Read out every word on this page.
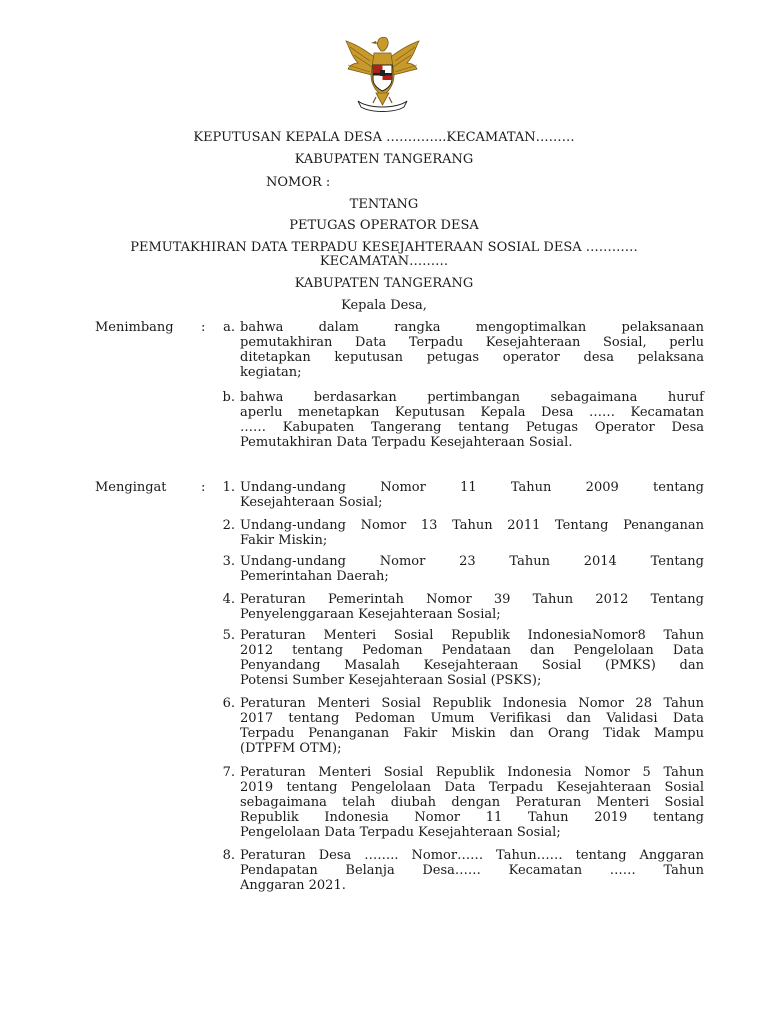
KEPUTUSAN KEPALA DESA …………..KECAMATAN………
KABUPATEN TANGERANG
NOMOR :
TENTANG
PETUGAS OPERATOR DESA
PEMUTAKHIRAN DATA TERPADU KESEJAHTERAAN SOSIAL DESA …………
KECAMATAN………
KABUPATEN TANGERANG
Kepala Desa,
Menimbang :	a. bahwa dalam rangka mengoptimalkan pelaksanaan
pemutakhiran Data Terpadu Kesejahteraan Sosial, perlu
ditetapkan keputusan petugas operator desa pelaksana
kegiatan;
b. bahwa berdasarkan pertimbangan sebagaimana huruf
aperlu menetapkan Keputusan Kepala Desa …… Kecamatan
…… Kabupaten Tangerang tentang Petugas Operator Desa
Pemutakhiran Data Terpadu Kesejahteraan Sosial.
Mengingat	:	1. Undang-undang Nomor 11 Tahun 2009 tentang
Kesejahteraan Sosial;
2. Undang-undang Nomor 13 Tahun 2011 Tentang Penanganan
Fakir Miskin;
3. Undang-undang Nomor 23 Tahun 2014 Tentang
Pemerintahan Daerah;
4. Peraturan Pemerintah Nomor 39 Tahun 2012 Tentang
Penyelenggaraan Kesejahteraan Sosial;
5. Peraturan Menteri Sosial Republik IndonesiaNomor8 Tahun
2012 tentang Pedoman Pendataan dan Pengelolaan Data
Penyandang Masalah Kesejahteraan Sosial (PMKS) dan
Potensi Sumber Kesejahteraan Sosial (PSKS);
6. Peraturan Menteri Sosial Republik Indonesia Nomor 28 Tahun
2017 tentang Pedoman Umum Verifikasi dan Validasi Data
Terpadu Penanganan Fakir Miskin dan Orang Tidak Mampu
(DTPFM OTM);
7. Peraturan Menteri Sosial Republik Indonesia Nomor 5 Tahun
2019 tentang Pengelolaan Data Terpadu Kesejahteraan Sosial
sebagaimana telah diubah dengan Peraturan Menteri Sosial
Republik Indonesia Nomor 11 Tahun 2019 tentang
Pengelolaan Data Terpadu Kesejahteraan Sosial;
8. Peraturan Desa …….. Nomor…… Tahun…… tentang Anggaran
Pendapatan Belanja Desa…… Kecamatan …… Tahun
Anggaran 2021.
